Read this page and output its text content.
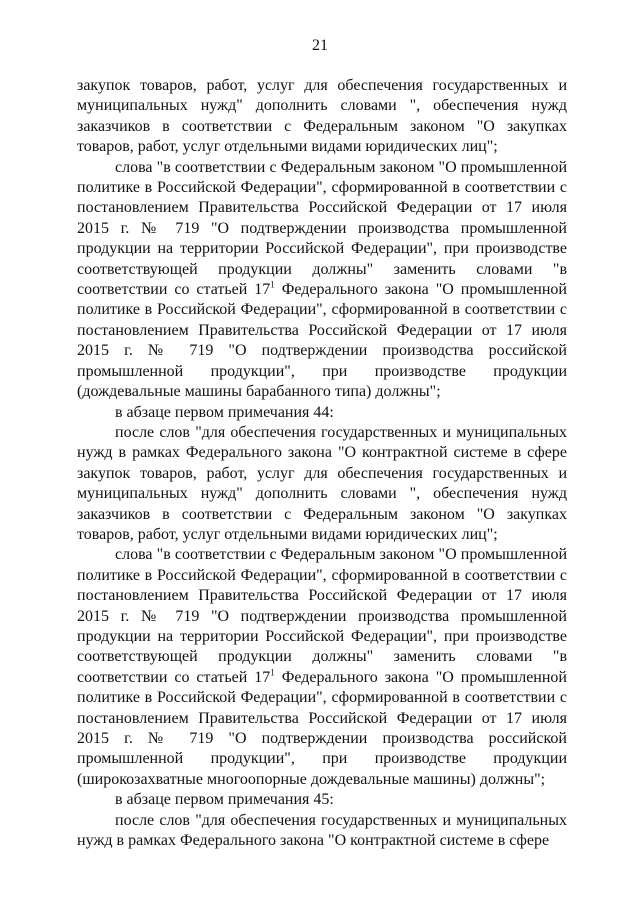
21

закупок товаров, работ, услуг для обеспечения государственных и муниципальных нужд" дополнить словами ", обеспечения нужд заказчиков в соответствии с Федеральным законом "О закупках товаров, работ, услуг отдельными видами юридических лиц";

слова "в соответствии с Федеральным законом "О промышленной политике в Российской Федерации", сформированной в соответствии с постановлением Правительства Российской Федерации от 17 июля 2015 г. № 719 "О подтверждении производства промышленной продукции на территории Российской Федерации", при производстве соответствующей продукции должны" заменить словами "в соответствии со статьей $17^1$ Федерального закона "О промышленной политике в Российской Федерации", сформированной в соответствии с постановлением Правительства Российской Федерации от 17 июля 2015 г. № 719 "О подтверждении производства российской промышленной продукции", при производстве продукции (дождевальные машины барабанного типа) должны";

в абзаце первом примечания 44:

после слов "для обеспечения государственных и муниципальных нужд в рамках Федерального закона "О контрактной системе в сфере закупок товаров, работ, услуг для обеспечения государственных и муниципальных нужд" дополнить словами ", обеспечения нужд заказчиков в соответствии с Федеральным законом "О закупках товаров, работ, услуг отдельными видами юридических лиц";

слова "в соответствии с Федеральным законом "О промышленной политике в Российской Федерации", сформированной в соответствии с постановлением Правительства Российской Федерации от 17 июля 2015 г. № 719 "О подтверждении производства промышленной продукции на территории Российской Федерации", при производстве соответствующей продукции должны" заменить словами "в соответствии со статьей $17^1$ Федерального закона "О промышленной политике в Российской Федерации", сформированной в соответствии с постановлением Правительства Российской Федерации от 17 июля 2015 г. № 719 "О подтверждении производства российской промышленной продукции", при производстве продукции (широкозахватные многоопорные дождевальные машины) должны";

в абзаце первом примечания 45:

после слов "для обеспечения государственных и муниципальных нужд в рамках Федерального закона "О контрактной системе в сфере
